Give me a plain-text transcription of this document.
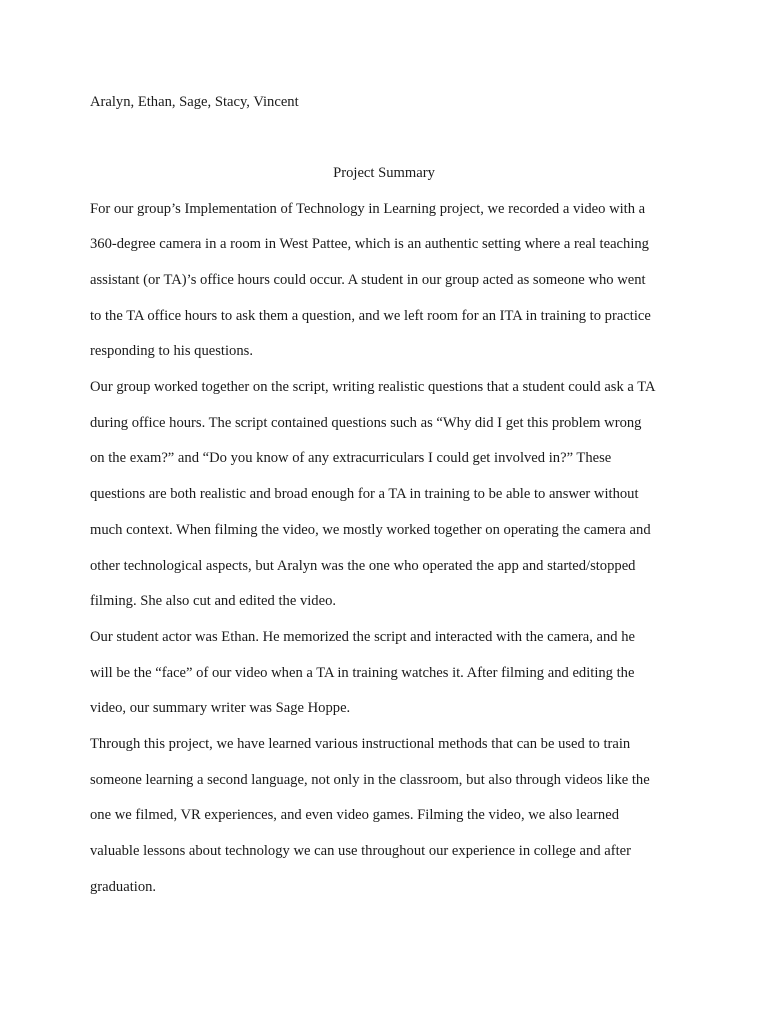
Aralyn, Ethan, Sage, Stacy, Vincent

Project Summary

For our group’s Implementation of Technology in Learning project, we recorded a video with a
360-degree camera in a room in West Pattee, which is an authentic setting where a real teaching
assistant (or TA)’s office hours could occur. A student in our group acted as someone who went
to the TA office hours to ask them a question, and we left room for an ITA in training to practice
responding to his questions.

Our group worked together on the script, writing realistic questions that a student could ask a TA
during office hours. The script contained questions such as “Why did I get this problem wrong
on the exam?” and “Do you know of any extracurriculars I could get involved in?” These
questions are both realistic and broad enough for a TA in training to be able to answer without
much context. When filming the video, we mostly worked together on operating the camera and
other technological aspects, but Aralyn was the one who operated the app and started/stopped
filming. She also cut and edited the video.

Our student actor was Ethan. He memorized the script and interacted with the camera, and he
will be the “face” of our video when a TA in training watches it. After filming and editing the
video, our summary writer was Sage Hoppe.

Through this project, we have learned various instructional methods that can be used to train
someone learning a second language, not only in the classroom, but also through videos like the
one we filmed, VR experiences, and even video games. Filming the video, we also learned
valuable lessons about technology we can use throughout our experience in college and after
graduation.
